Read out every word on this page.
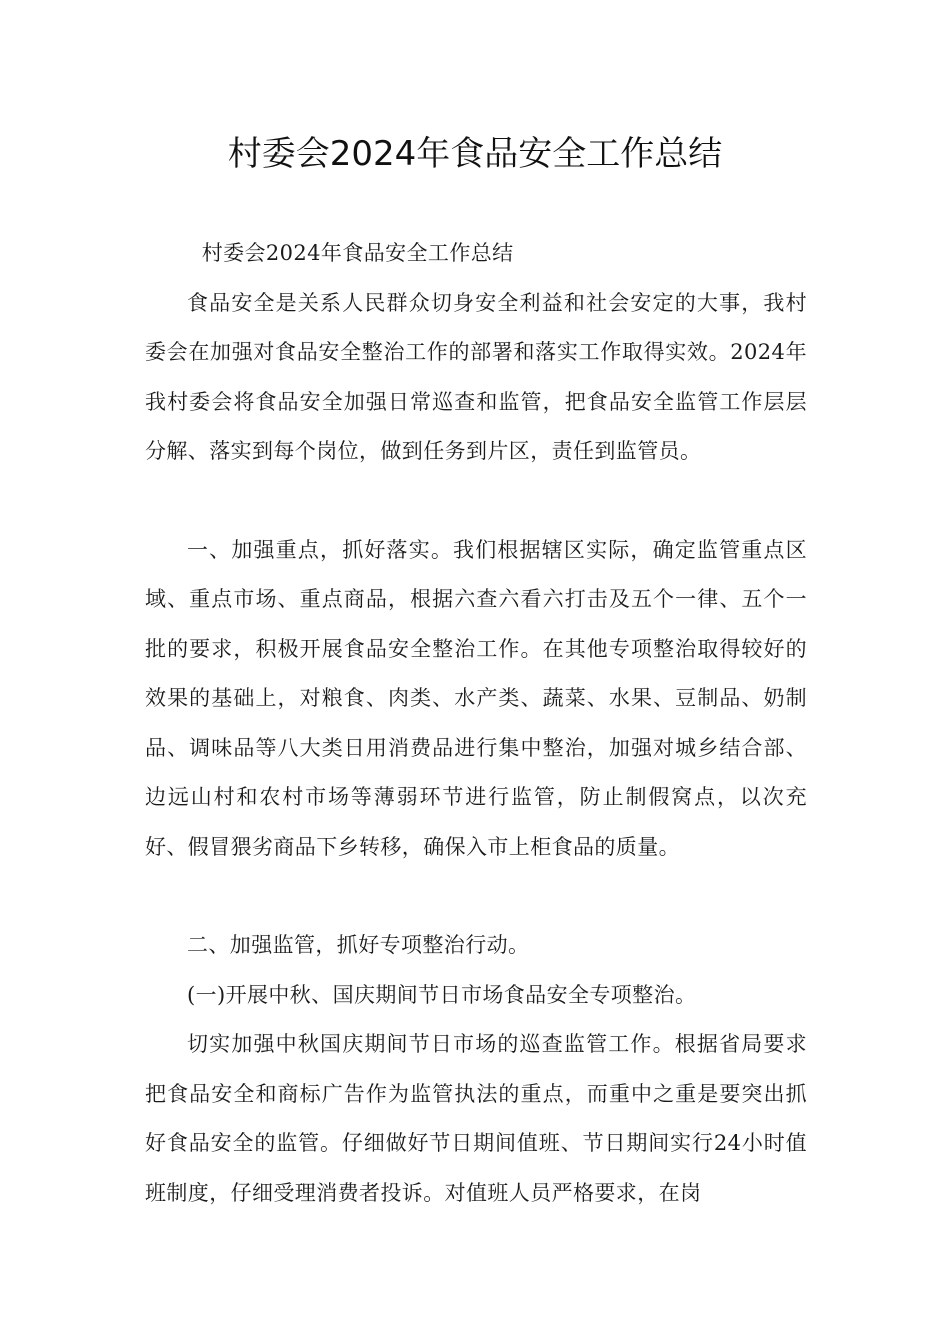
村委会2024年食品安全工作总结

村委会2024年食品安全工作总结

食品安全是关系人民群众切身安全利益和社会安定的大事，我村委会在加强对食品安全整治工作的部署和落实工作取得实效。2024年我村委会将食品安全加强日常巡查和监管，把食品安全监管工作层层分解、落实到每个岗位，做到任务到片区，责任到监管员。

一、加强重点，抓好落实。我们根据辖区实际，确定监管重点区域、重点市场、重点商品，根据六查六看六打击及五个一律、五个一批的要求，积极开展食品安全整治工作。在其他专项整治取得较好的效果的基础上，对粮食、肉类、水产类、蔬菜、水果、豆制品、奶制品、调味品等八大类日用消费品进行集中整治，加强对城乡结合部、边远山村和农村市场等薄弱环节进行监管，防止制假窝点，以次充好、假冒猥劣商品下乡转移，确保入市上柜食品的质量。

二、加强监管，抓好专项整治行动。

(一)开展中秋、国庆期间节日市场食品安全专项整治。

切实加强中秋国庆期间节日市场的巡查监管工作。根据省局要求把食品安全和商标广告作为监管执法的重点，而重中之重是要突出抓好食品安全的监管。仔细做好节日期间值班、节日期间实行24小时值班制度，仔细受理消费者投诉。对值班人员严格要求，在岗
